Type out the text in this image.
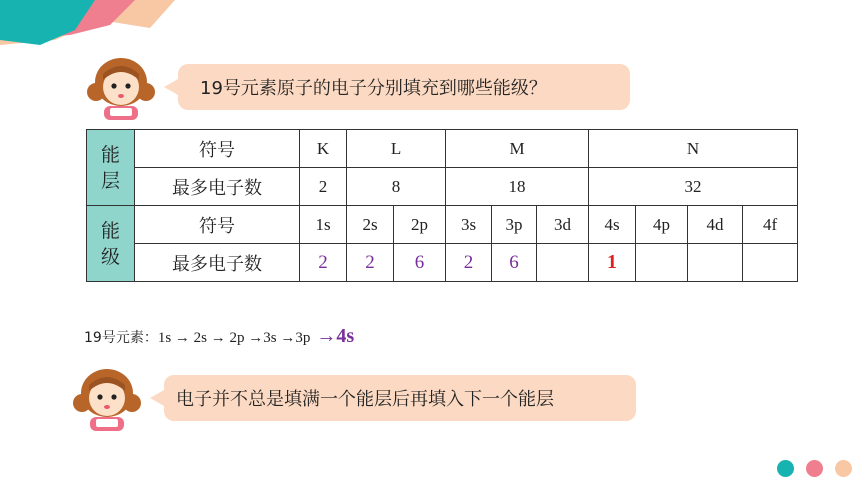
19号元素原子的电子分别填充到哪些能级？
能
层	符号	K	L		M			N			
	最多电子数	2	8		18			32			

能
级	符号	1s	2s	2p	3s	3p	3d	4s	4p	4d	4f
	最多电子数	2	2	6	2	6		1			
19号元素：1s → 2s → 2p →3s →3p →4s
电子并不总是填满一个能层后再填入下一个能层
